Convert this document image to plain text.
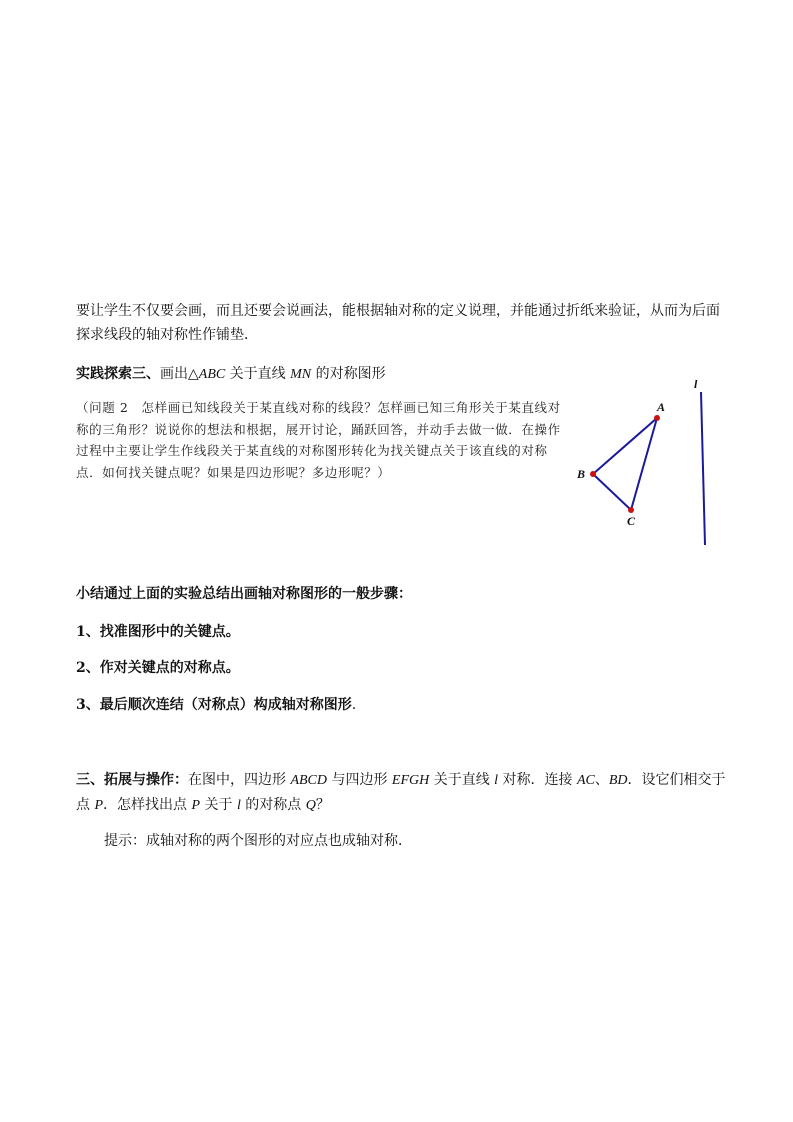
要让学生不仅要会画，而且还要会说画法，能根据轴对称的定义说理，并能通过折纸来验证，从而为后面探求线段的轴对称性作铺垫．
实践探索三、画出△ABC 关于直线 MN 的对称图形
（问题 2　怎样画已知线段关于某直线对称的线段？怎样画已知三角形关于某直线对称的三角形？说说你的想法和根据，展开讨论，踊跃回答，并动手去做一做．在操作过程中主要让学生作线段关于某直线的对称图形转化为找关键点关于该直线的对称点．如何找关键点呢？如果是四边形呢？多边形呢？）
A
B
C
l
小结通过上面的实验总结出画轴对称图形的一般步骤：
1、找准图形中的关键点。
2、作对关键点的对称点。
3、最后顺次连结（对称点）构成轴对称图形.
三、拓展与操作：在图中，四边形 ABCD 与四边形 EFGH 关于直线 l 对称．连接 AC、BD．设它们相交于点 P．怎样找出点 P 关于 l 的对称点 Q？
提示：成轴对称的两个图形的对应点也成轴对称．
